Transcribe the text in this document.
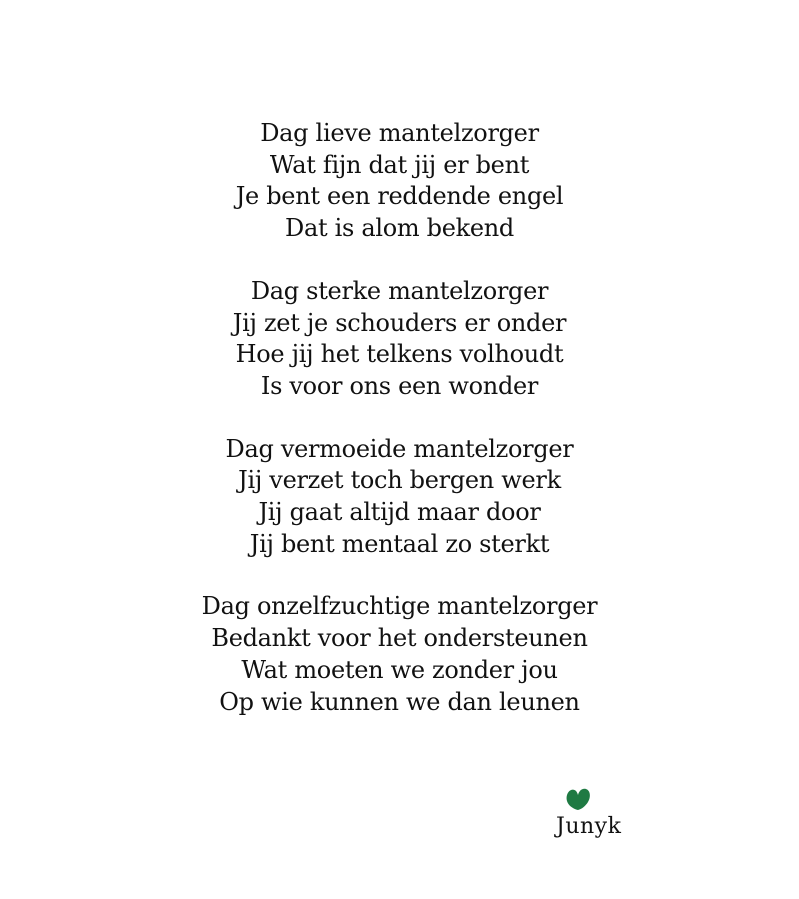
Dag lieve mantelzorger
Wat fijn dat jij er bent
Je bent een reddende engel
Dat is alom bekend
Dag sterke mantelzorger
Jij zet je schouders er onder
Hoe jij het telkens volhoudt
Is voor ons een wonder
Dag vermoeide mantelzorger
Jij verzet toch bergen werk
Jij gaat altijd maar door
Jij bent mentaal zo sterkt
Dag onzelfzuchtige mantelzorger
Bedankt voor het ondersteunen
Wat moeten we zonder jou
Op wie kunnen we dan leunen
Junyk
